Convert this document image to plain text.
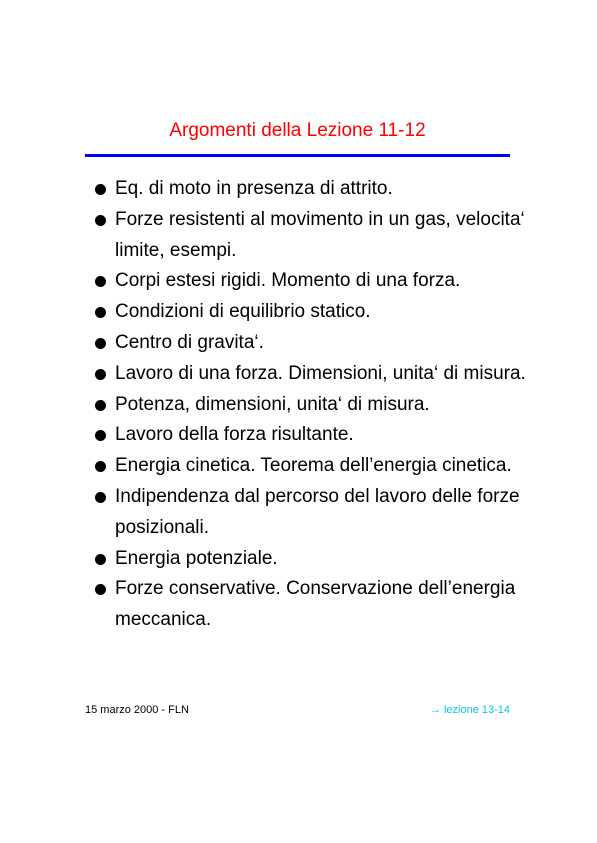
Argomenti della Lezione 11-12
Eq. di moto in presenza di attrito.
Forze resistenti al movimento in un gas, velocita‘ limite, esempi.
Corpi estesi rigidi. Momento di una forza.
Condizioni di equilibrio statico.
Centro di gravita‘.
Lavoro di una forza. Dimensioni, unita‘ di misura.
Potenza, dimensioni, unita‘ di misura.
Lavoro della forza risultante.
Energia cinetica. Teorema dell’energia cinetica.
Indipendenza dal percorso del lavoro delle forze posizionali.
Energia potenziale.
Forze conservative. Conservazione dell’energia meccanica.
15 marzo 2000 - FLN	→ lezione 13-14
